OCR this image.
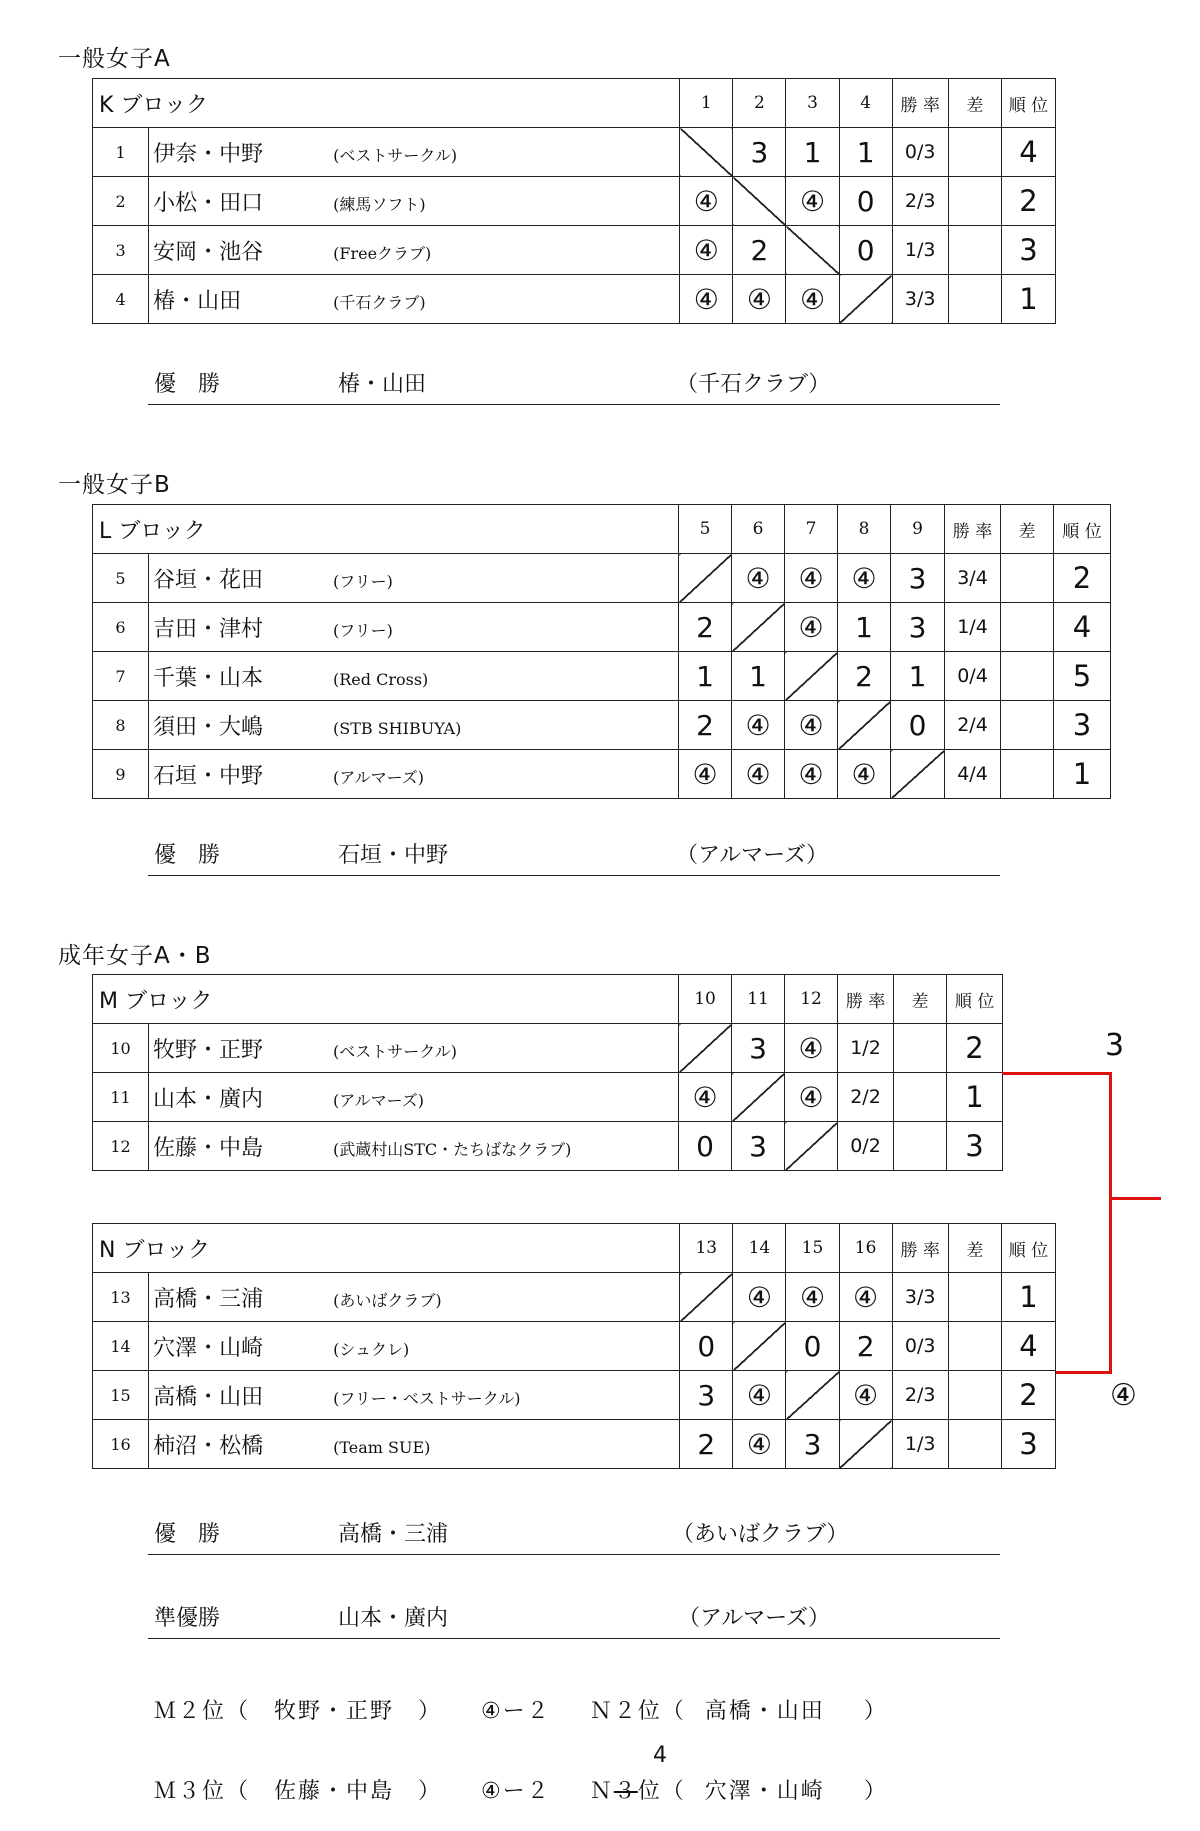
一般女子A
K ブロック		1	2	3	4	勝 率	差	順 位
1	伊奈・中野 (ベストサークル)		3	1	1	0/3		4
2	小松・田口 (練馬ソフト)	④		④	0	2/3		2
3	安岡・池谷 (Freeクラブ)	④	2		0	1/3		3
4	椿・山田 (千石クラブ)	④	④	④		3/3		1
優　勝	椿・山田	（千石クラブ）
一般女子B
L ブロック		5	6	7	8	9	勝 率	差	順 位
5	谷垣・花田 (フリー)		④	④	④	3	3/4		2
6	吉田・津村 (フリー)	2		④	1	3	1/4		4
7	千葉・山本 (Red Cross)	1	1		2	1	0/4		5
8	須田・大嶋 (STB SHIBUYA)	2	④	④		0	2/4		3
9	石垣・中野 (アルマーズ)	④	④	④	④		4/4		1
優　勝	石垣・中野	（アルマーズ）
成年女子A・B
M ブロック		10	11	12	勝 率	差	順 位
10	牧野・正野 (ベストサークル)		3	④	1/2		2
11	山本・廣内 (アルマーズ)	④		④	2/2		1
12	佐藤・中島 (武蔵村山STC・たちばなクラブ)	0	3		0/2		3
N ブロック		13	14	15	16	勝 率	差	順 位
13	高橋・三浦 (あいばクラブ)		④	④	④	3/3		1
14	穴澤・山崎 (シュクレ)	0		0	2	0/3		4
15	高橋・山田 (フリー・ベストサークル)	3	④		④	2/3		2
16	柿沼・松橋 (Team SUE)	2	④	3		1/3		3
3
④
優　勝	高橋・三浦	（あいばクラブ）
準優勝	山本・廣内	（アルマーズ）
Ｍ２位（　牧野・正野　） ④ー２ Ｎ２位（ 高橋・山田 ）
4
Ｍ３位（　佐藤・中島　） ④ー２ Ｎ３位（ 穴澤・山崎 ）
